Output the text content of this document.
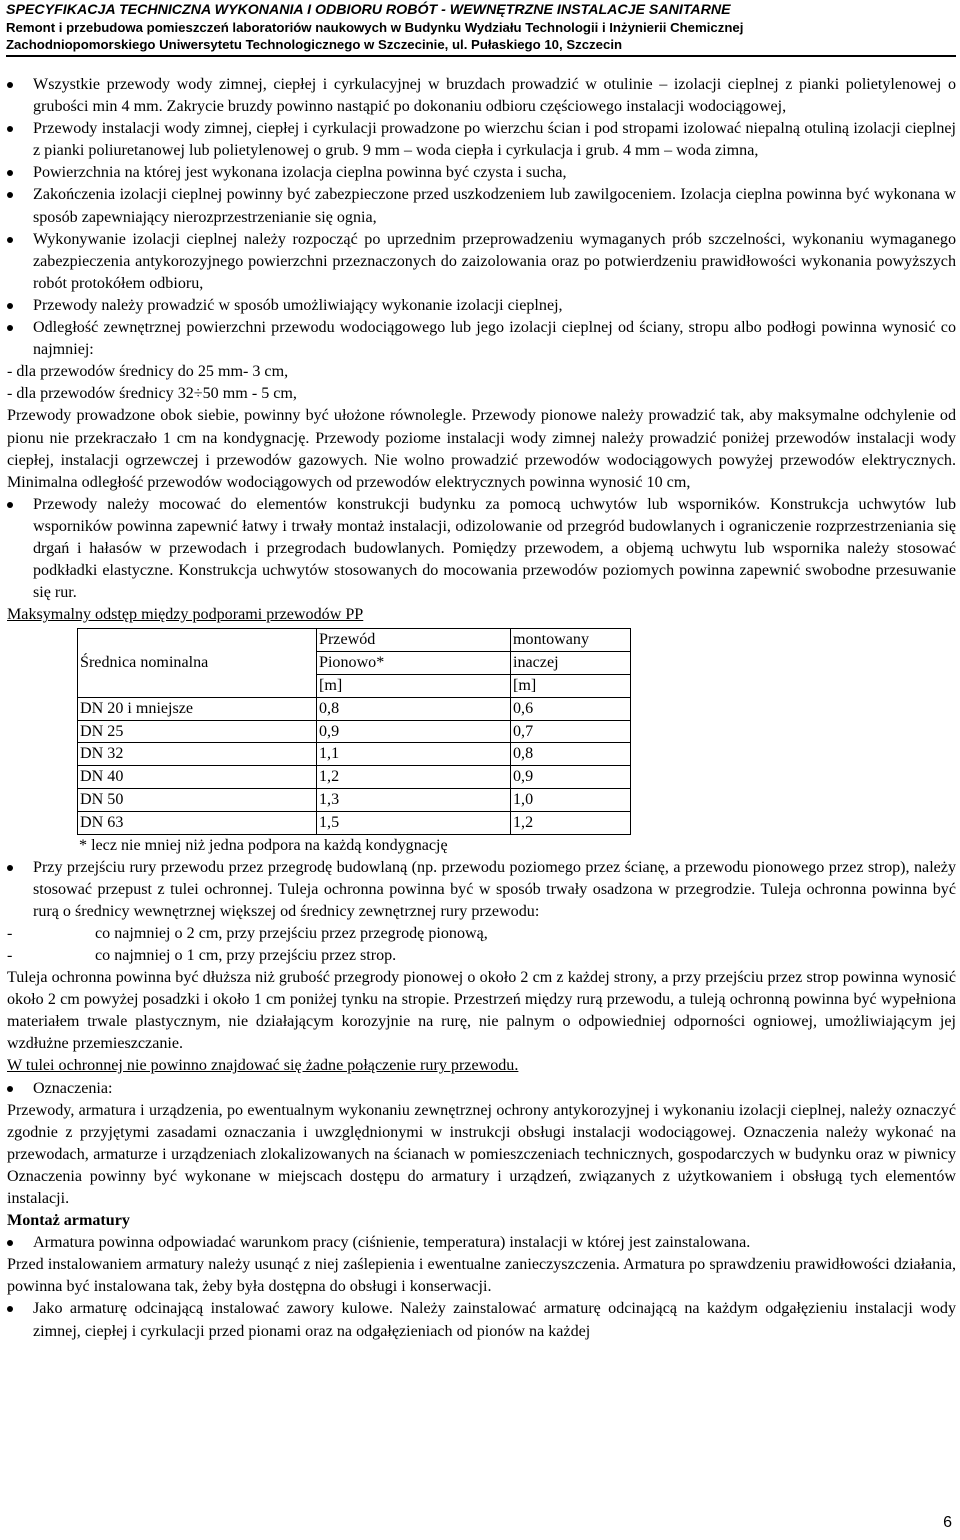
SPECYFIKACJA TECHNICZNA WYKONANIA I ODBIORU ROBÓT - WEWNĘTRZNE INSTALACJE SANITARNE
Remont i przebudowa pomieszczeń laboratoriów naukowych w Budynku Wydziału Technologii i Inżynierii Chemicznej
Zachodniopomorskiego Uniwersytetu Technologicznego w Szczecinie, ul. Pułaskiego 10, Szczecin

Wszystkie przewody wody zimnej, ciepłej i cyrkulacyjnej w bruzdach prowadzić w otulinie – izolacji cieplnej z pianki polietylenowej o grubości min 4 mm. Zakrycie bruzdy powinno nastąpić po dokonaniu odbioru częściowego instalacji wodociągowej,

Przewody instalacji wody zimnej, ciepłej i cyrkulacji prowadzone po wierzchu ścian i pod stropami izolować niepalną otuliną izolacji cieplnej z pianki poliuretanowej lub polietylenowej o grub. 9 mm – woda ciepła i cyrkulacja i grub. 4 mm – woda zimna,

Powierzchnia na której jest wykonana izolacja cieplna powinna być czysta i sucha,

Zakończenia izolacji cieplnej powinny być zabezpieczone przed uszkodzeniem lub zawilgoceniem. Izolacja cieplna powinna być wykonana w sposób zapewniający nierozprzestrzenianie się ognia,

Wykonywanie izolacji cieplnej należy rozpocząć po uprzednim przeprowadzeniu wymaganych prób szczelności, wykonaniu wymaganego zabezpieczenia antykorozyjnego powierzchni przeznaczonych do zaizolowania oraz po potwierdzeniu prawidłowości wykonania powyższych robót protokółem odbioru,

Przewody należy prowadzić w sposób umożliwiający wykonanie izolacji cieplnej,

Odległość zewnętrznej powierzchni przewodu wodociągowego lub jego izolacji cieplnej od ściany, stropu albo podłogi powinna wynosić co najmniej:

- dla przewodów średnicy do 25 mm- 3 cm,

- dla przewodów średnicy 32÷50 mm - 5 cm,

Przewody prowadzone obok siebie, powinny być ułożone równolegle. Przewody pionowe należy prowadzić tak, aby maksymalne odchylenie od pionu nie przekraczało 1 cm na kondygnację. Przewody poziome instalacji wody zimnej należy prowadzić poniżej przewodów instalacji wody ciepłej, instalacji ogrzewczej i przewodów gazowych. Nie wolno prowadzić przewodów wodociągowych powyżej przewodów elektrycznych. Minimalna odległość przewodów wodociągowych od przewodów elektrycznych powinna wynosić 10 cm,

Przewody należy mocować do elementów konstrukcji budynku za pomocą uchwytów lub wsporników. Konstrukcja uchwytów lub wsporników powinna zapewnić łatwy i trwały montaż instalacji, odizolowanie od przegród budowlanych i ograniczenie rozprzestrzeniania się drgań i hałasów w przewodach i przegrodach budowlanych. Pomiędzy przewodem, a objemą uchwytu lub wspornika należy stosować podkładki elastyczne. Konstrukcja uchwytów stosowanych do mocowania przewodów poziomych powinna zapewnić swobodne przesuwanie się rur.

Maksymalny odstęp między podporami przewodów PP

Średnica nominalna	Przewód	montowany
	Pionowo*	inaczej
	[m]	[m]
DN 20 i mniejsze	0,8	0,6
DN 25	0,9	0,7
DN 32	1,1	0,8
DN 40	1,2	0,9
DN 50	1,3	1,0
DN 63	1,5	1,2

* lecz nie mniej niż jedna podpora na każdą kondygnację

Przy przejściu rury przewodu przez przegrodę budowlaną (np. przewodu poziomego przez ścianę, a przewodu pionowego przez strop), należy stosować przepust z tulei ochronnej. Tuleja ochronna powinna być w sposób trwały osadzona w przegrodzie. Tuleja ochronna powinna być rurą o średnicy wewnętrznej większej od średnicy zewnętrznej rury przewodu:

-	co najmniej o 2 cm, przy przejściu przez przegrodę pionową,
-	co najmniej o 1 cm, przy przejściu przez strop.

Tuleja ochronna powinna być dłuższa niż grubość przegrody pionowej o około 2 cm z każdej strony, a przy przejściu przez strop powinna wynosić około 2 cm powyżej posadzki i około 1 cm poniżej tynku na stropie. Przestrzeń między rurą przewodu, a tuleją ochronną powinna być wypełniona materiałem trwale plastycznym, nie działającym korozyjnie na rurę, nie palnym o odpowiedniej odporności ogniowej, umożliwiającym jej wzdłużne przemieszczanie.

W tulei ochronnej nie powinno znajdować się żadne połączenie rury przewodu.

Oznaczenia:

Przewody, armatura i urządzenia, po ewentualnym wykonaniu zewnętrznej ochrony antykorozyjnej i wykonaniu izolacji cieplnej, należy oznaczyć zgodnie z przyjętymi zasadami oznaczania i uwzględnionymi w instrukcji obsługi instalacji wodociągowej. Oznaczenia należy wykonać na przewodach, armaturze i urządzeniach zlokalizowanych na ścianach w pomieszczeniach technicznych, gospodarczych w budynku oraz w piwnicy Oznaczenia powinny być wykonane w miejscach dostępu do armatury i urządzeń, związanych z użytkowaniem i obsługą tych elementów instalacji.

Montaż armatury

Armatura powinna odpowiadać warunkom pracy (ciśnienie, temperatura) instalacji w której jest zainstalowana.

Przed instalowaniem armatury należy usunąć z niej zaślepienia i ewentualne zanieczyszczenia. Armatura po sprawdzeniu prawidłowości działania, powinna być instalowana tak, żeby była dostępna do obsługi i konserwacji.

Jako armaturę odcinającą instalować zawory kulowe. Należy zainstalować armaturę odcinającą na każdym odgałęzieniu instalacji wody zimnej, ciepłej i cyrkulacji przed pionami oraz na odgałęzieniach od pionów na każdej

6
